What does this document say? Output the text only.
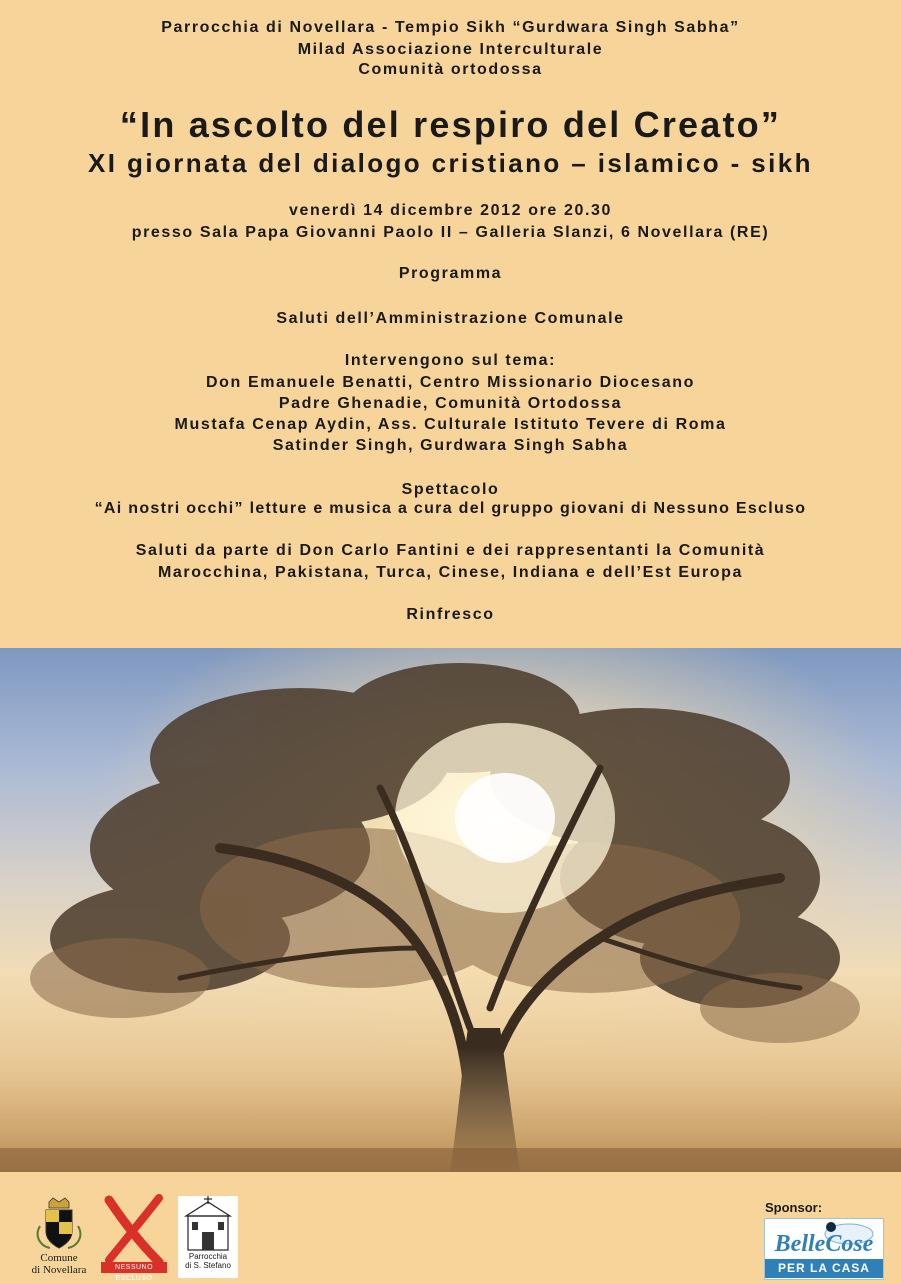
Parrocchia di Novellara - Tempio Sikh “Gurdwara Singh Sabha”
Milad Associazione Interculturale
Comunità ortodossa
“In ascolto del respiro del Creato”
XI giornata del dialogo cristiano – islamico - sikh
venerdì 14 dicembre 2012 ore 20.30
presso Sala Papa Giovanni Paolo II – Galleria Slanzi, 6 Novellara (RE)
Programma
Saluti dell’Amministrazione Comunale
Intervengono sul tema:
Don Emanuele Benatti, Centro Missionario Diocesano
Padre Ghenadie, Comunità Ortodossa
Mustafa Cenap Aydin, Ass. Culturale Istituto Tevere di Roma
Satinder Singh, Gurdwara Singh Sabha
Spettacolo
“Ai nostri occhi” letture e musica a cura del gruppo giovani di Nessuno Escluso
Saluti da parte di Don Carlo Fantini e dei rappresentanti la Comunità
Marocchina, Pakistana, Turca, Cinese, Indiana e dell’Est Europa
Rinfresco
Comune
di Novellara	NESSUNO ESCLUSO
Parrocchia
di S. Stefano
Sponsor:
BelleCose
PER LA CASA
